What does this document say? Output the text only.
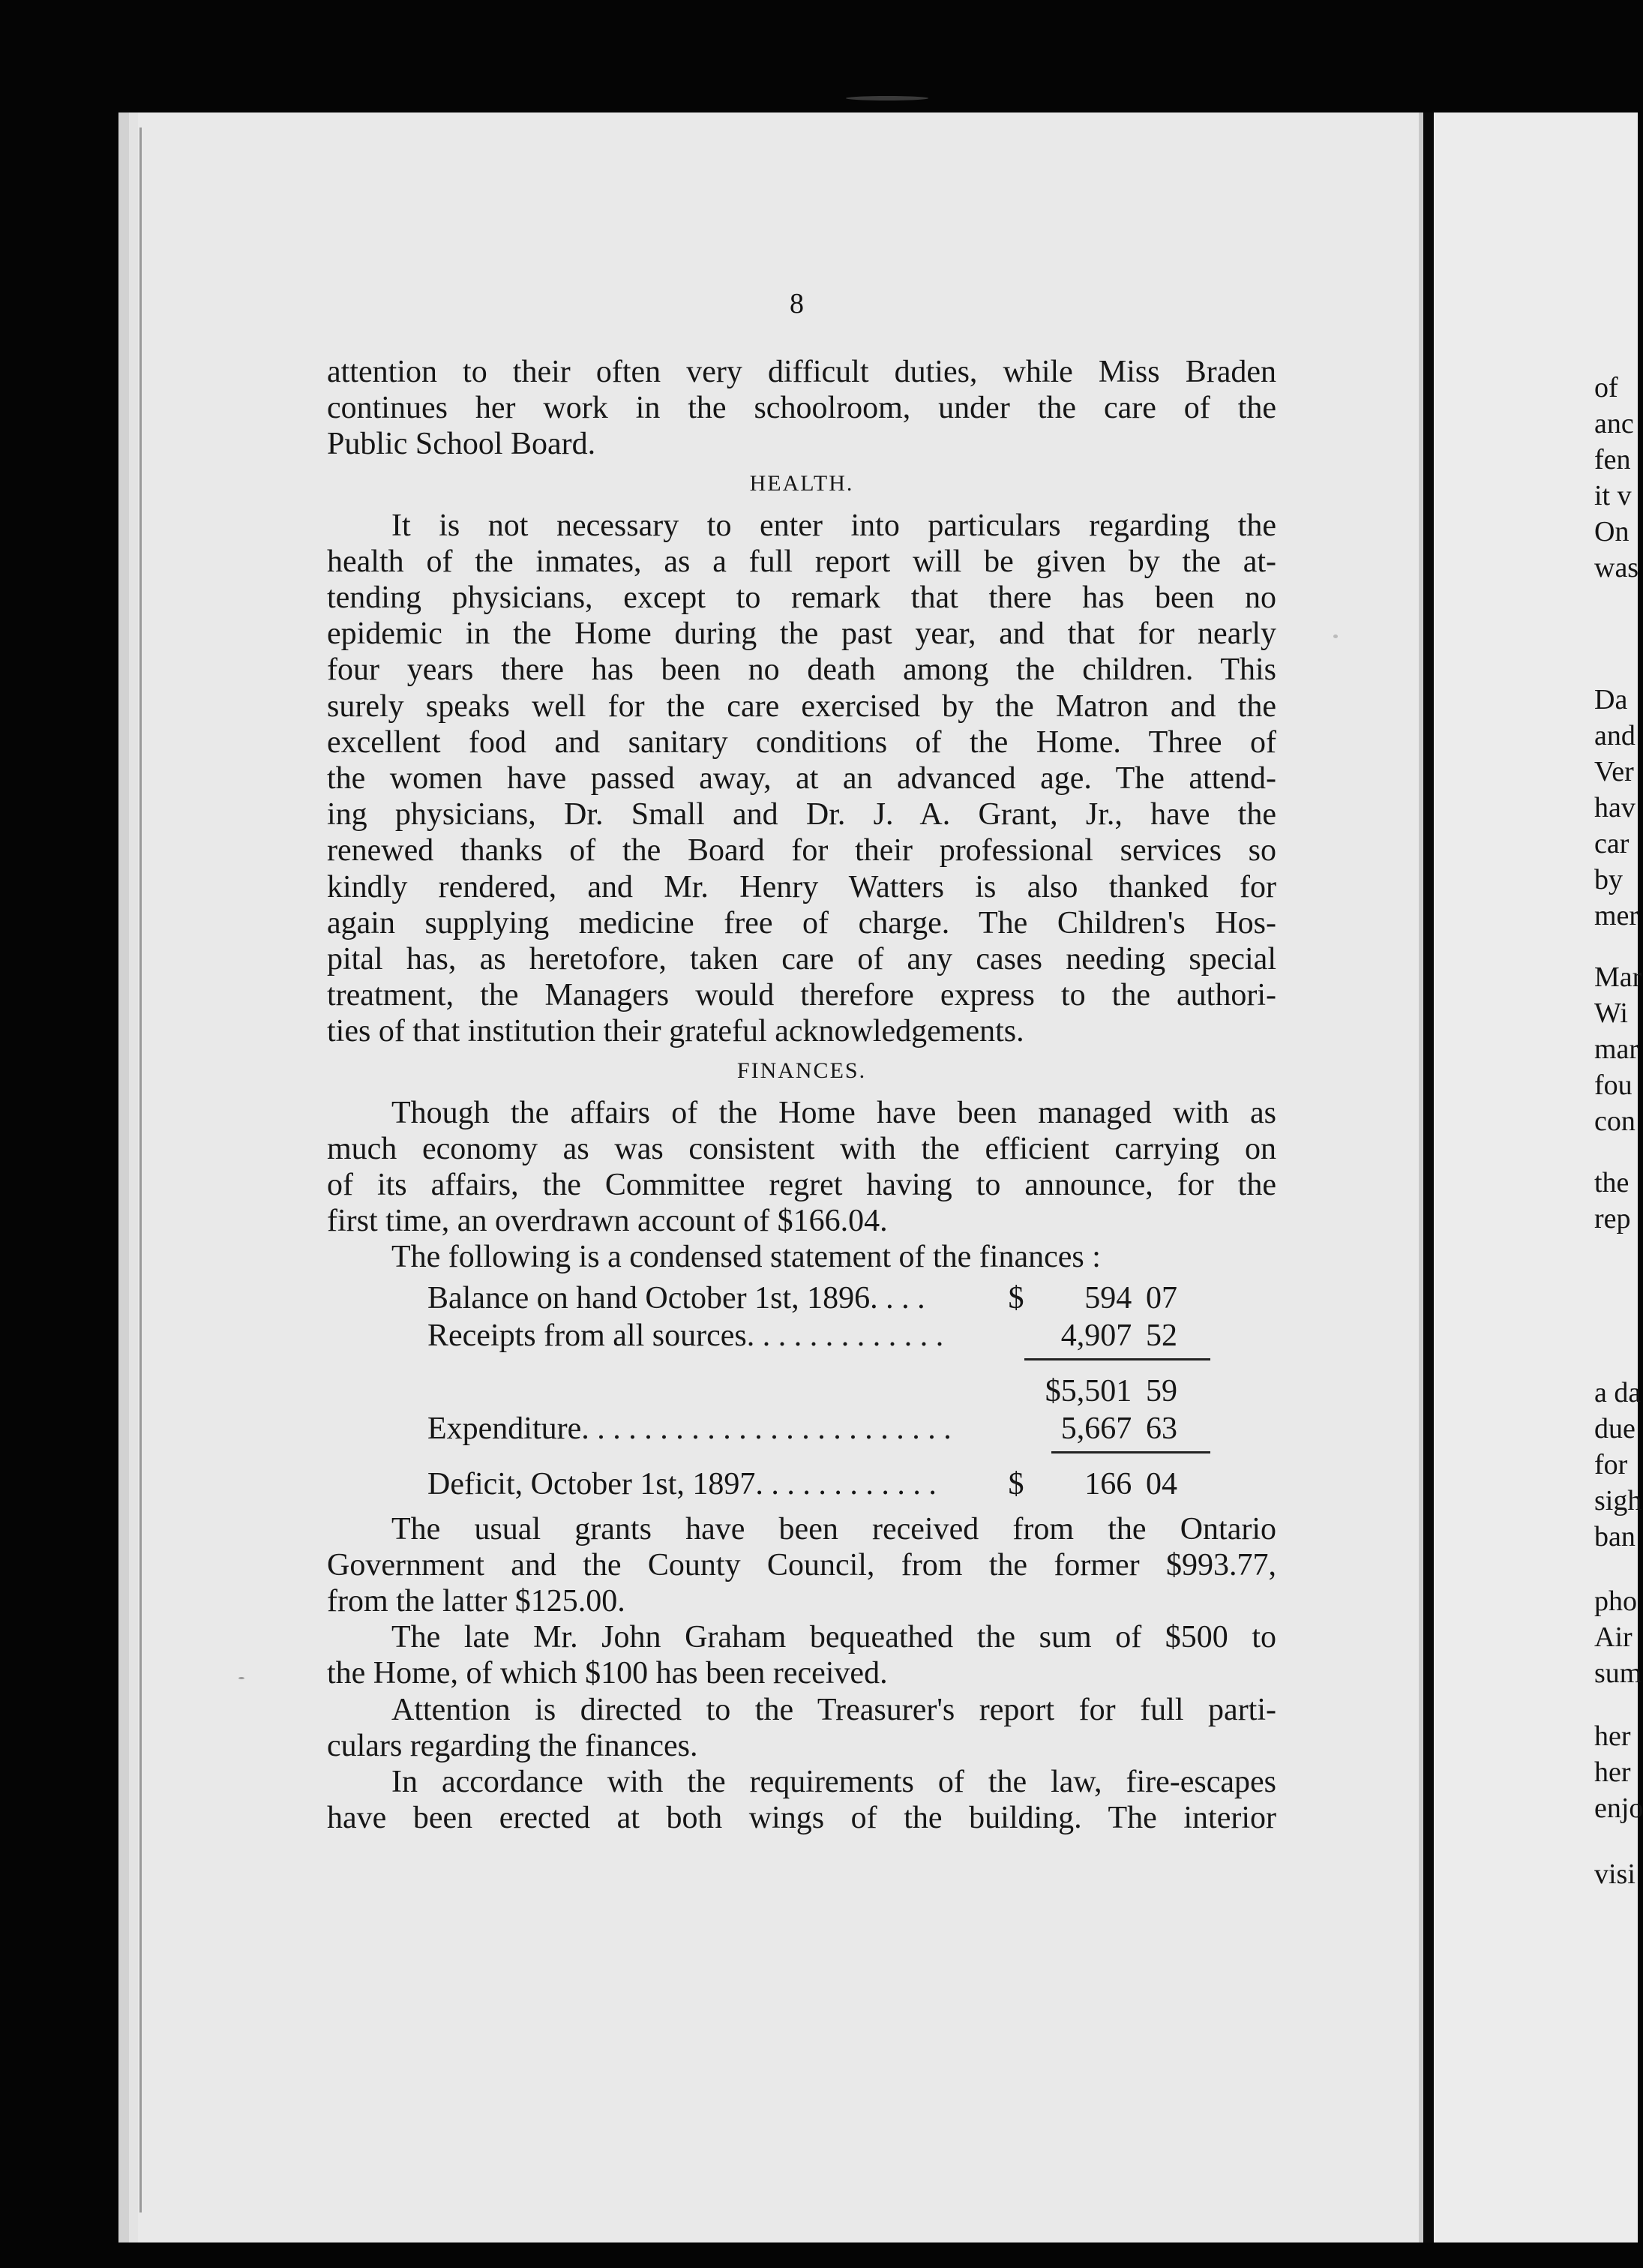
of
anc
fen
it v
On
was
Da
and
Ver
hav
car
by
mer
Mar
Wi
mar
fou
con
the
rep
a da
due
for
sigh
ban
pho
Air
sum
her
her
enjo
visi
8

attention to their often very difficult duties, while Miss Braden

continues her work in the schoolroom, under the care of the

Public School Board.

HEALTH.

It is not necessary to enter into particulars regarding the

health of the inmates, as a full report will be given by the at-

tending physicians, except to remark that there has been no

epidemic in the Home during the past year, and that for nearly

four years there has been no death among the children. This

surely speaks well for the care exercised by the Matron and the

excellent food and sanitary conditions of the Home. Three of

the women have passed away, at an advanced age. The attend-

ing physicians, Dr. Small and Dr. J. A. Grant, Jr., have the

renewed thanks of the Board for their professional services so

kindly rendered, and Mr. Henry Watters is also thanked for

again supplying medicine free of charge. The Children's Hos-

pital has, as heretofore, taken care of any cases needing special

treatment, the Managers would therefore express to the authori-

ties of that institution their grateful acknowledgements.

FINANCES.

Though the affairs of the Home have been managed with as

much economy as was consistent with the efficient carrying on

of its affairs, the Committee regret having to announce, for the

first time, an overdrawn account of $166.04.

The following is a condensed statement of the finances :

Balance on hand October 1st, 1896. . . .	$	594 07
Receipts from all sources. . . . . . . . . . . . .	4,907 52
$5,501 59
Expenditure. . . . . . . . . . . . . . . . . . . . . . . .	5,667 63
Deficit, October 1st, 1897. . . . . . . . . . . .	$	166 04

The usual grants have been received from the Ontario

Government and the County Council, from the former $993.77,

from the latter $125.00.

The late Mr. John Graham bequeathed the sum of $500 to

the Home, of which $100 has been received.

Attention is directed to the Treasurer's report for full parti-

culars regarding the finances.

In accordance with the requirements of the law, fire-escapes

have been erected at both wings of the building. The interior
